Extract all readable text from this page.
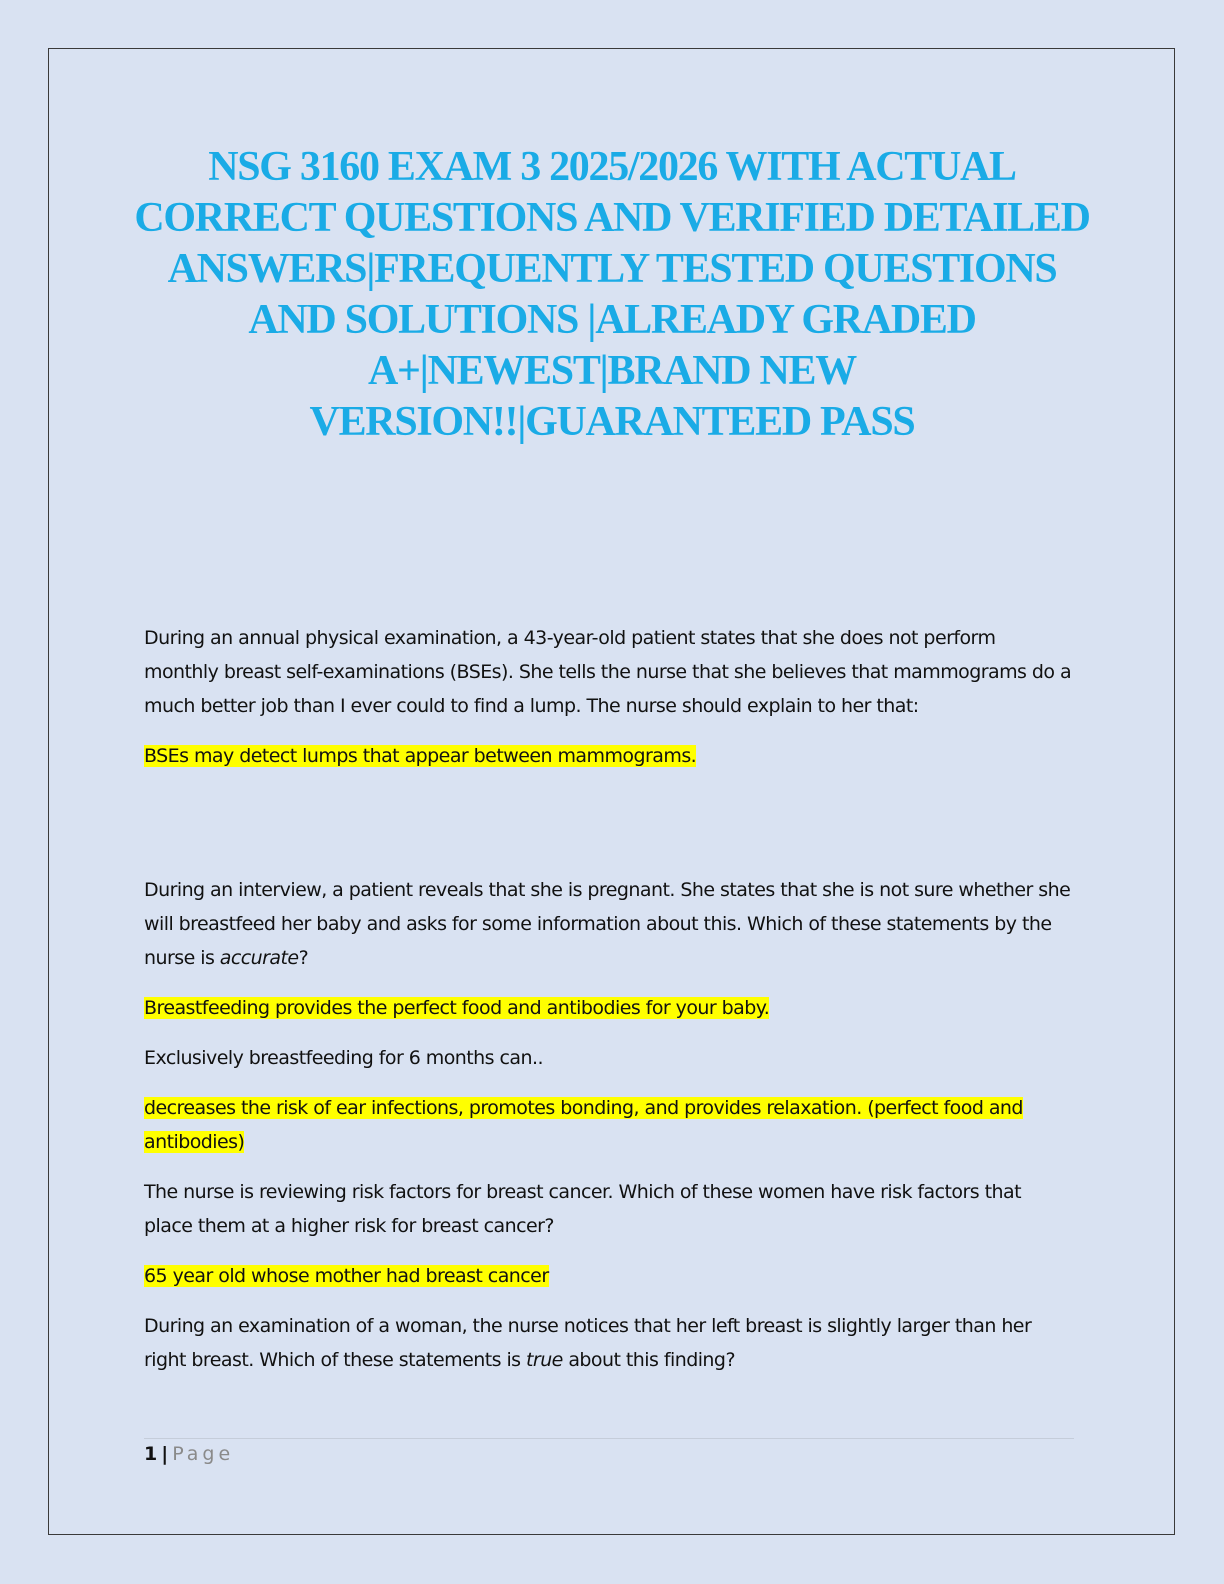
NSG 3160 EXAM 3 2025/2026 WITH ACTUAL CORRECT QUESTIONS AND VERIFIED DETAILED ANSWERS|FREQUENTLY TESTED QUESTIONS AND SOLUTIONS |ALREADY GRADED A+|NEWEST|BRAND NEW VERSION!!|GUARANTEED PASS

During an annual physical examination, a 43-year-old patient states that she does not perform monthly breast self-examinations (BSEs). She tells the nurse that she believes that mammograms do a much better job than I ever could to find a lump. The nurse should explain to her that:

BSEs may detect lumps that appear between mammograms.

During an interview, a patient reveals that she is pregnant. She states that she is not sure whether she will breastfeed her baby and asks for some information about this. Which of these statements by the nurse is accurate?

Breastfeeding provides the perfect food and antibodies for your baby.

Exclusively breastfeeding for 6 months can..

decreases the risk of ear infections, promotes bonding, and provides relaxation. (perfect food and antibodies)

The nurse is reviewing risk factors for breast cancer. Which of these women have risk factors that place them at a higher risk for breast cancer?

65 year old whose mother had breast cancer

During an examination of a woman, the nurse notices that her left breast is slightly larger than her right breast. Which of these statements is true about this finding?

1 | Page
